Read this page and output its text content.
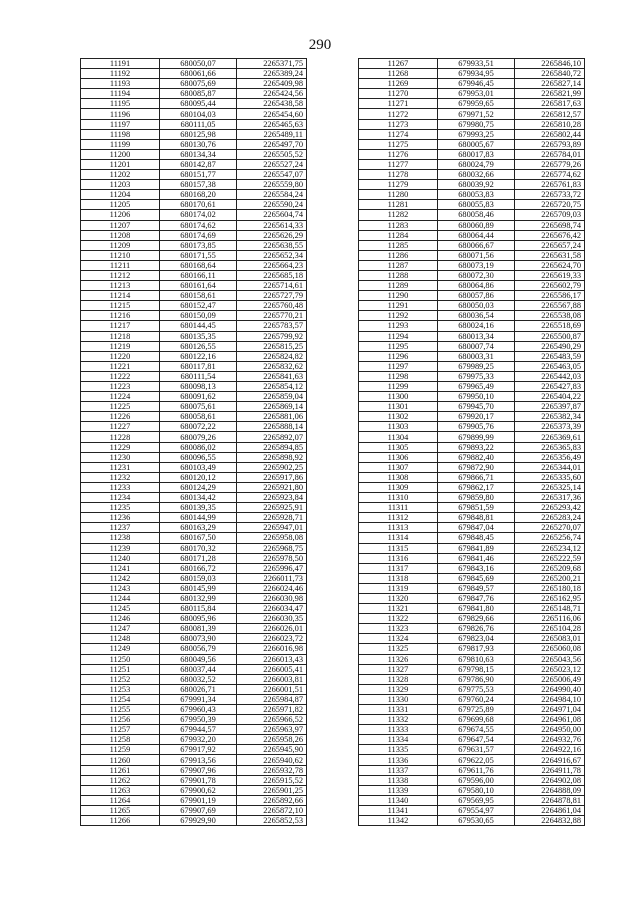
290
11191	680050,07	2265371,75
11192	680061,66	2265389,24
11193	680075,69	2265409,98
11194	680085,87	2265424,56
11195	680095,44	2265438,58
11196	680104,03	2265454,60
11197	680111,05	2265465,63
11198	680125,98	2265489,11
11199	680130,76	2265497,70
11200	680134,34	2265505,52
11201	680142,87	2265527,24
11202	680151,77	2265547,07
11203	680157,38	2265559,80
11204	680168,20	2265584,24
11205	680170,61	2265590,24
11206	680174,02	2265604,74
11207	680174,62	2265614,33
11208	680174,69	2265626,29
11209	680173,85	2265638,55
11210	680171,55	2265652,34
11211	680168,64	2265664,23
11212	680166,11	2265685,18
11213	680161,64	2265714,61
11214	680158,61	2265727,79
11215	680152,47	2265760,48
11216	680150,09	2265770,21
11217	680144,45	2265783,57
11218	680135,35	2265799,92
11219	680126,55	2265815,25
11220	680122,16	2265824,82
11221	680117,81	2265832,62
11222	680111,54	2265841,63
11223	680098,13	2265854,12
11224	680091,62	2265859,04
11225	680075,61	2265869,14
11226	680058,61	2265881,06
11227	680072,22	2265888,14
11228	680079,26	2265892,07
11229	680086,02	2265894,85
11230	680096,55	2265898,92
11231	680103,49	2265902,25
11232	680120,12	2265917,86
11233	680124,29	2265921,80
11234	680134,42	2265923,84
11235	680139,35	2265925,91
11236	680144,99	2265928,71
11237	680163,29	2265947,01
11238	680167,50	2265958,08
11239	680170,32	2265968,75
11240	680171,28	2265978,50
11241	680166,72	2265996,47
11242	680159,03	2266011,73
11243	680145,99	2266024,46
11244	680132,99	2266030,98
11245	680115,84	2266034,47
11246	680095,96	2266030,35
11247	680081,39	2266026,01
11248	680073,90	2266023,72
11249	680056,79	2266016,98
11250	680049,56	2266013,43
11251	680037,44	2266005,41
11252	680032,52	2266003,81
11253	680026,71	2266001,51
11254	679991,34	2265984,87
11255	679960,43	2265971,82
11256	679950,39	2265966,52
11257	679944,57	2265963,97
11258	679932,20	2265958,26
11259	679917,92	2265945,90
11260	679913,56	2265940,62
11261	679907,96	2265932,78
11262	679901,78	2265915,52
11263	679900,62	2265901,25
11264	679901,19	2265892,66
11265	679907,69	2265872,10
11266	679929,90	2265852,53
11267	679933,51	2265846,10
11268	679934,95	2265840,72
11269	679946,45	2265827,14
11270	679953,01	2265821,99
11271	679959,65	2265817,63
11272	679971,52	2265812,57
11273	679980,75	2265810,28
11274	679993,25	2265802,44
11275	680005,67	2265793,89
11276	680017,83	2265784,01
11277	680024,79	2265779,26
11278	680032,66	2265774,62
11279	680039,92	2265761,83
11280	680053,83	2265733,72
11281	680055,83	2265720,75
11282	680058,46	2265709,03
11283	680060,89	2265698,74
11284	680064,44	2265676,42
11285	680066,67	2265657,24
11286	680071,56	2265631,58
11287	680073,19	2265624,70
11288	680072,30	2265619,33
11289	680064,86	2265602,79
11290	680057,86	2265586,17
11291	680050,03	2265567,88
11292	680036,54	2265538,08
11293	680024,16	2265518,69
11294	680013,34	2265500,87
11295	680007,74	2265490,29
11296	680003,31	2265483,59
11297	679989,25	2265463,05
11298	679975,33	2265442,03
11299	679965,49	2265427,83
11300	679950,10	2265404,22
11301	679945,70	2265397,87
11302	679920,17	2265382,34
11303	679905,76	2265373,39
11304	679899,99	2265369,61
11305	679893,22	2265365,83
11306	679882,40	2265356,49
11307	679872,90	2265344,01
11308	679866,71	2265335,60
11309	679862,17	2265325,14
11310	679859,80	2265317,36
11311	679851,59	2265293,42
11312	679848,81	2265283,24
11313	679847,04	2265270,07
11314	679848,45	2265256,74
11315	679841,89	2265234,12
11316	679841,46	2265222,59
11317	679843,16	2265209,68
11318	679845,69	2265200,21
11319	679849,57	2265180,18
11320	679847,76	2265162,95
11321	679841,80	2265148,71
11322	679829,66	2265116,06
11323	679826,76	2265104,28
11324	679823,04	2265083,01
11325	679817,93	2265060,08
11326	679810,63	2265043,56
11327	679798,15	2265023,12
11328	679786,90	2265006,49
11329	679775,53	2264990,40
11330	679760,24	2264984,10
11331	679725,89	2264971,04
11332	679699,68	2264961,08
11333	679674,55	2264950,00
11334	679647,54	2264932,76
11335	679631,57	2264922,16
11336	679622,05	2264916,67
11337	679611,76	2264911,78
11338	679596,00	2264902,08
11339	679580,10	2264888,09
11340	679569,95	2264878,81
11341	679554,97	2264861,04
11342	679530,65	2264832,88
